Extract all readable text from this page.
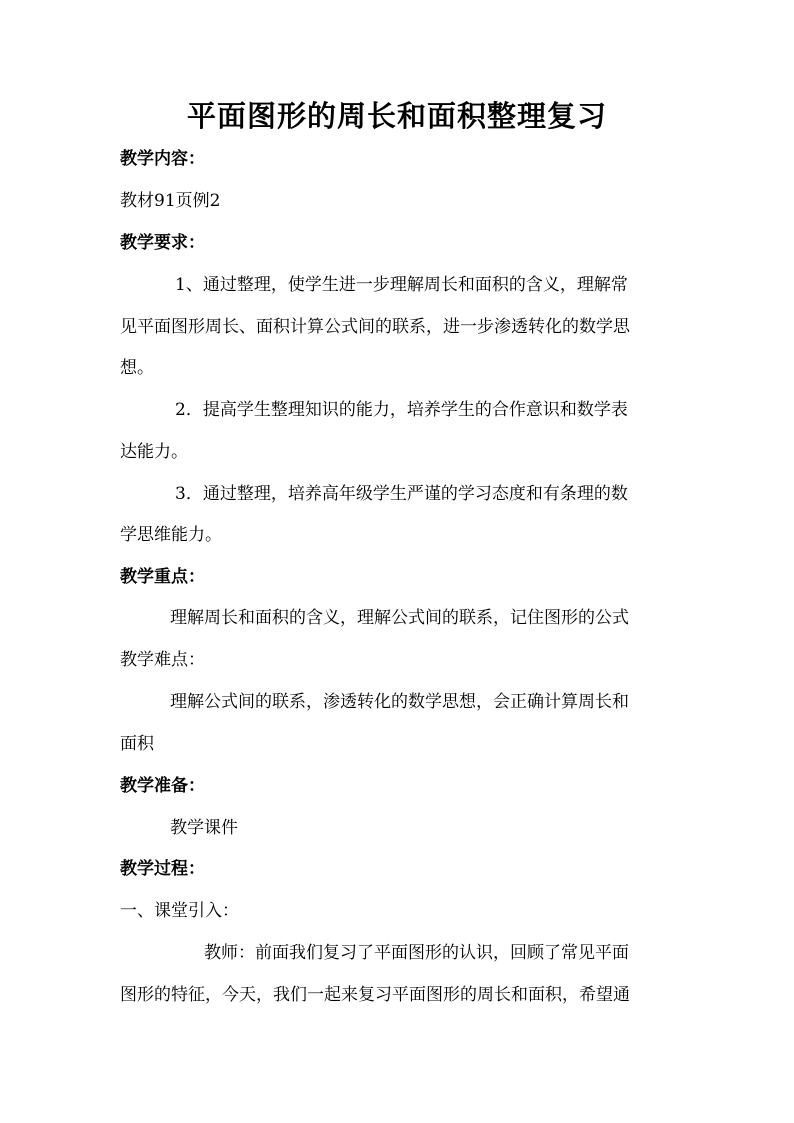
平面图形的周长和面积整理复习
教学内容：
教材91页例2
教学要求：
1、通过整理，使学生进一步理解周长和面积的含义，理解常
见平面图形周长、面积计算公式间的联系，进一步渗透转化的数学思
想。
2．提高学生整理知识的能力，培养学生的合作意识和数学表
达能力。
3．通过整理，培养高年级学生严谨的学习态度和有条理的数
学思维能力。
教学重点：
理解周长和面积的含义，理解公式间的联系，记住图形的公式
教学难点：
理解公式间的联系，渗透转化的数学思想，会正确计算周长和
面积
教学准备：
教学课件
教学过程：
一、课堂引入：
教师：前面我们复习了平面图形的认识，回顾了常见平面
图形的特征，今天，我们一起来复习平面图形的周长和面积，希望通
